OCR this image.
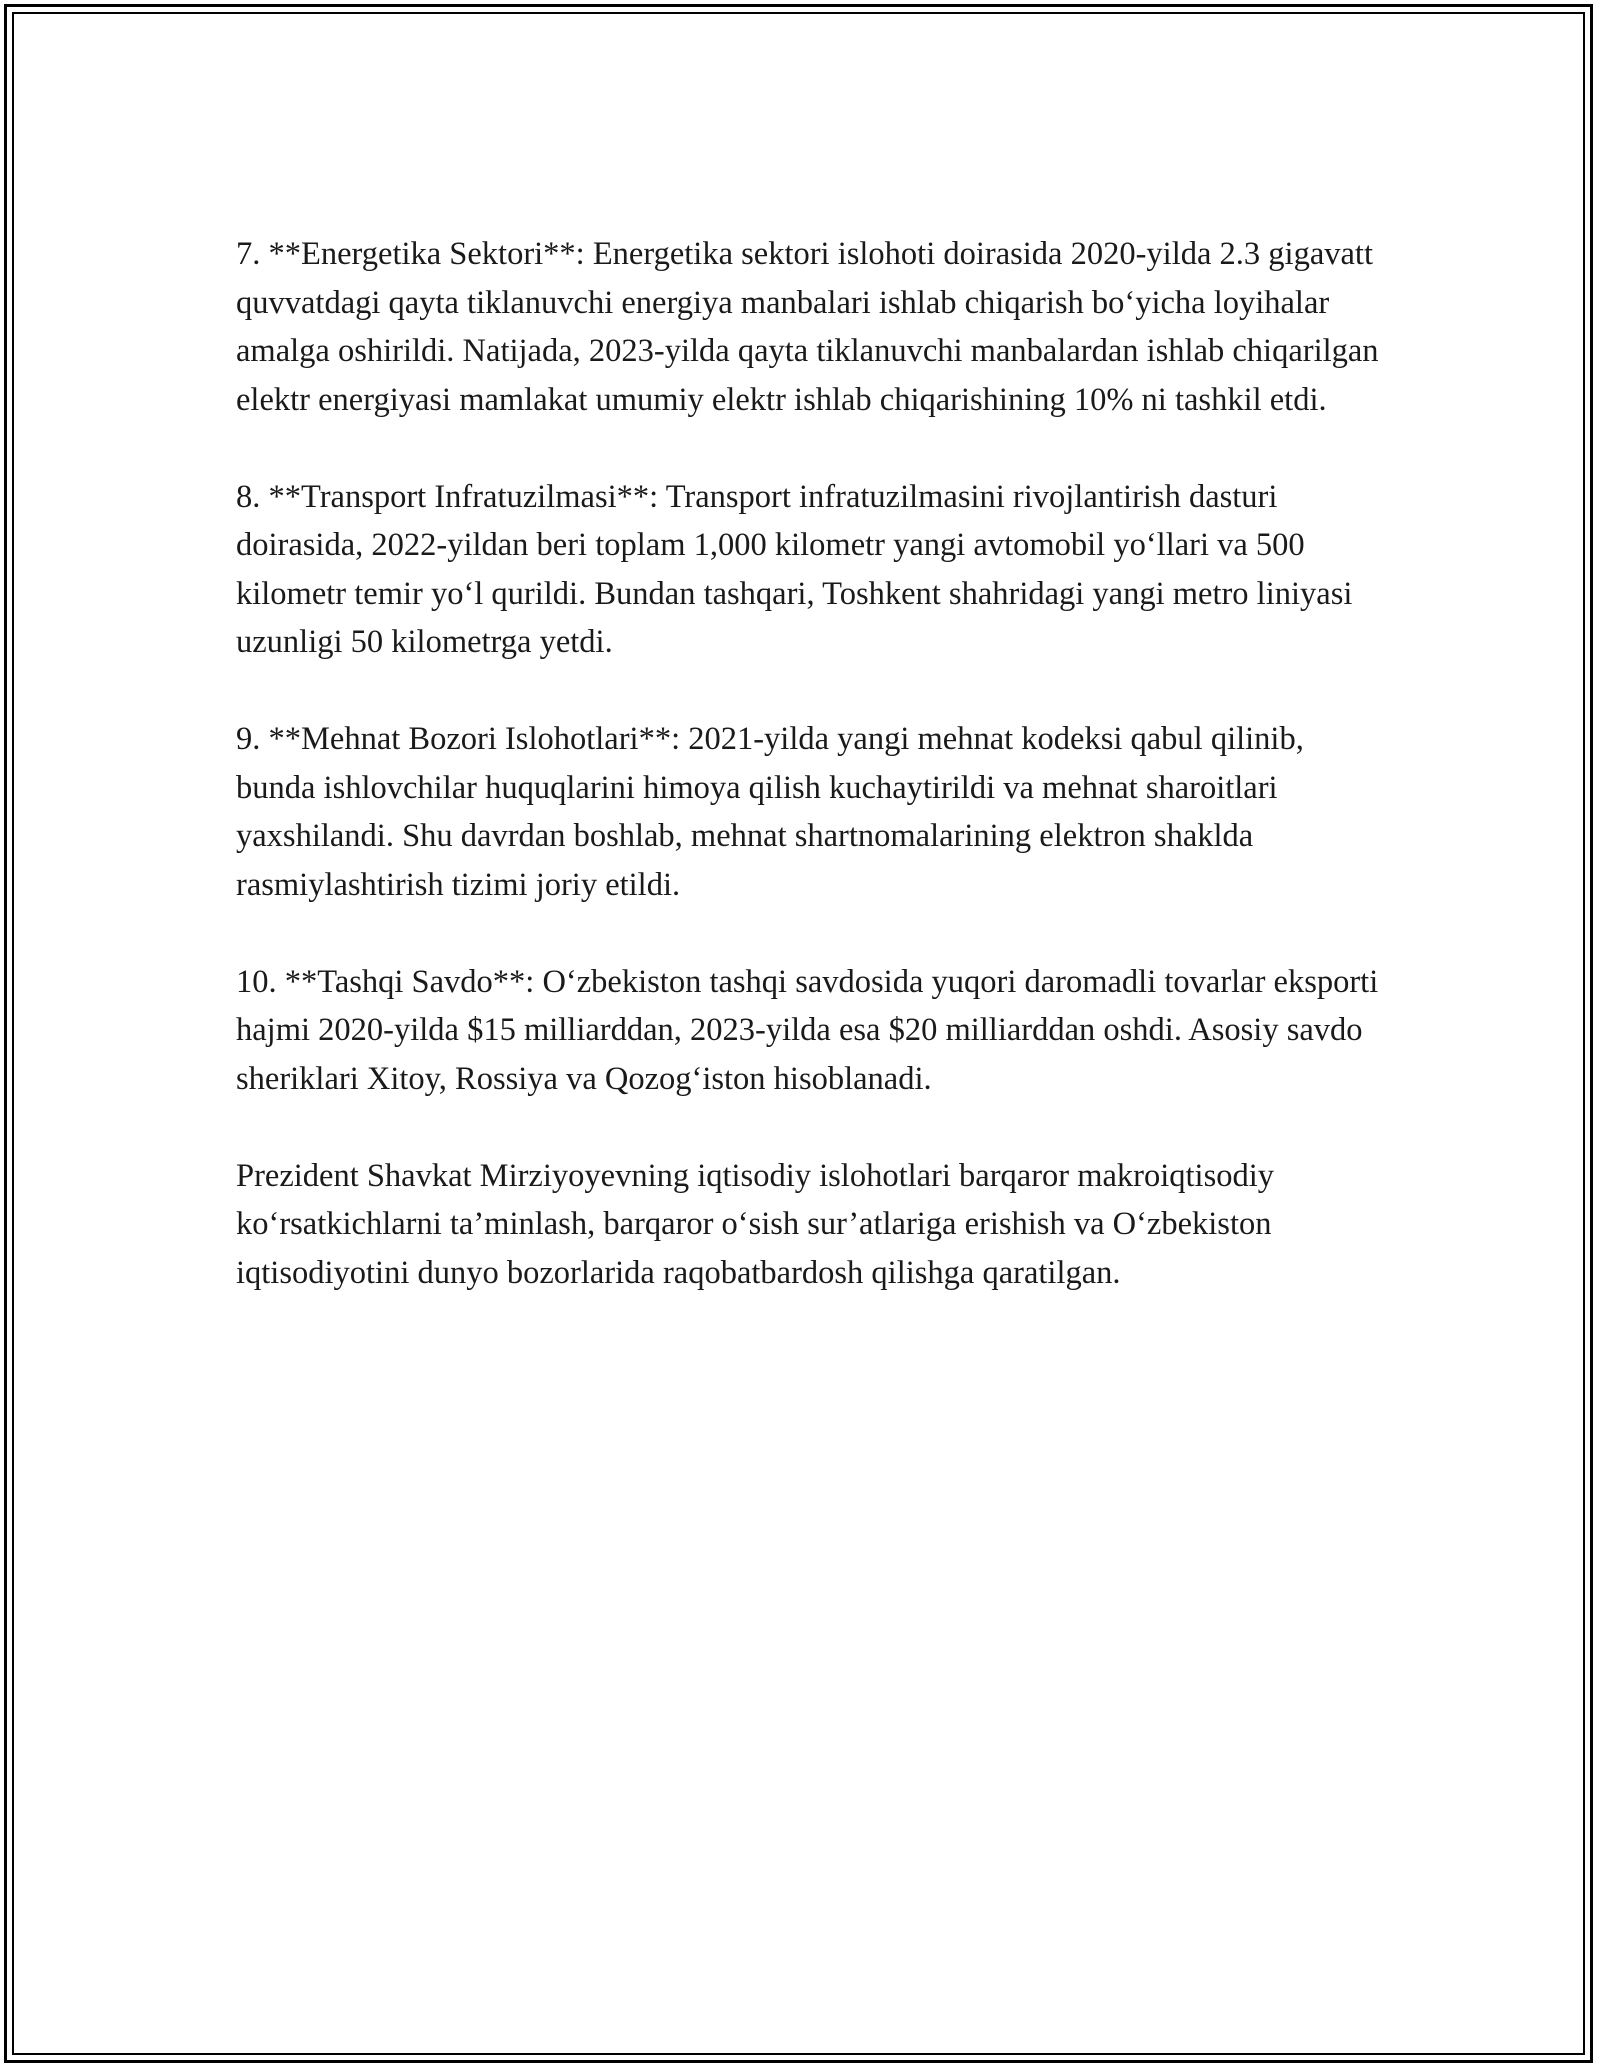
7. **Energetika Sektori**: Energetika sektori islohoti doirasida 2020-yilda 2.3 gigavatt quvvatdagi qayta tiklanuvchi energiya manbalari ishlab chiqarish bo‘yicha loyihalar amalga oshirildi. Natijada, 2023-yilda qayta tiklanuvchi manbalardan ishlab chiqarilgan elektr energiyasi mamlakat umumiy elektr ishlab chiqarishining 10% ni tashkil etdi.

8. **Transport Infratuzilmasi**: Transport infratuzilmasini rivojlantirish dasturi doirasida, 2022-yildan beri toplam 1,000 kilometr yangi avtomobil yo‘llari va 500 kilometr temir yo‘l qurildi. Bundan tashqari, Toshkent shahridagi yangi metro liniyasi uzunligi 50 kilometrga yetdi.

9. **Mehnat Bozori Islohotlari**: 2021-yilda yangi mehnat kodeksi qabul qilinib, bunda ishlovchilar huquqlarini himoya qilish kuchaytirildi va mehnat sharoitlari yaxshilandi. Shu davrdan boshlab, mehnat shartnomalarining elektron shaklda rasmiylashtirish tizimi joriy etildi.

10. **Tashqi Savdo**: O‘zbekiston tashqi savdosida yuqori daromadli tovarlar eksporti hajmi 2020-yilda $15 milliarddan, 2023-yilda esa $20 milliarddan oshdi. Asosiy savdo sheriklari Xitoy, Rossiya va Qozog‘iston hisoblanadi.

Prezident Shavkat Mirziyoyevning iqtisodiy islohotlari barqaror makroiqtisodiy ko‘rsatkichlarni ta’minlash, barqaror o‘sish sur’atlariga erishish va O‘zbekiston iqtisodiyotini dunyo bozorlarida raqobatbardosh qilishga qaratilgan.
